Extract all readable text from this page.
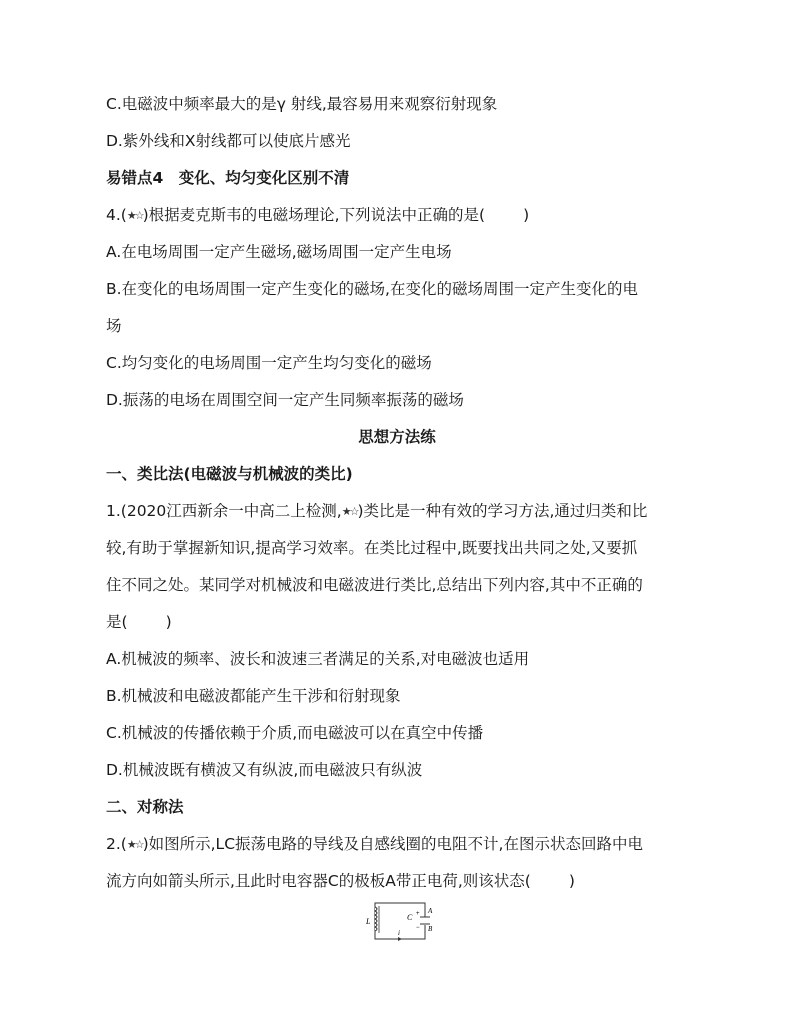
C.电磁波中频率最大的是γ 射线,最容易用来观察衍射现象
D.紫外线和X射线都可以使底片感光
易错点4　变化、均匀变化区别不清
4.(★☆)根据麦克斯韦的电磁场理论,下列说法中正确的是( )
A.在电场周围一定产生磁场,磁场周围一定产生电场
B.在变化的电场周围一定产生变化的磁场,在变化的磁场周围一定产生变化的电
场
C.均匀变化的电场周围一定产生均匀变化的磁场
D.振荡的电场在周围空间一定产生同频率振荡的磁场
思想方法练
一、类比法(电磁波与机械波的类比)
1.(2020江西新余一中高二上检测,★☆)类比是一种有效的学习方法,通过归类和比
较,有助于掌握新知识,提高学习效率。在类比过程中,既要找出共同之处,又要抓
住不同之处。某同学对机械波和电磁波进行类比,总结出下列内容,其中不正确的
是( )
A.机械波的频率、波长和波速三者满足的关系,对电磁波也适用
B.机械波和电磁波都能产生干涉和衍射现象
C.机械波的传播依赖于介质,而电磁波可以在真空中传播
D.机械波既有横波又有纵波,而电磁波只有纵波
二、对称法
2.(★☆)如图所示,LC振荡电路的导线及自感线圈的电阻不计,在图示状态回路中电
流方向如箭头所示,且此时电容器C的极板A带正电荷,则该状态( )
L	C +
−
A
B
i
